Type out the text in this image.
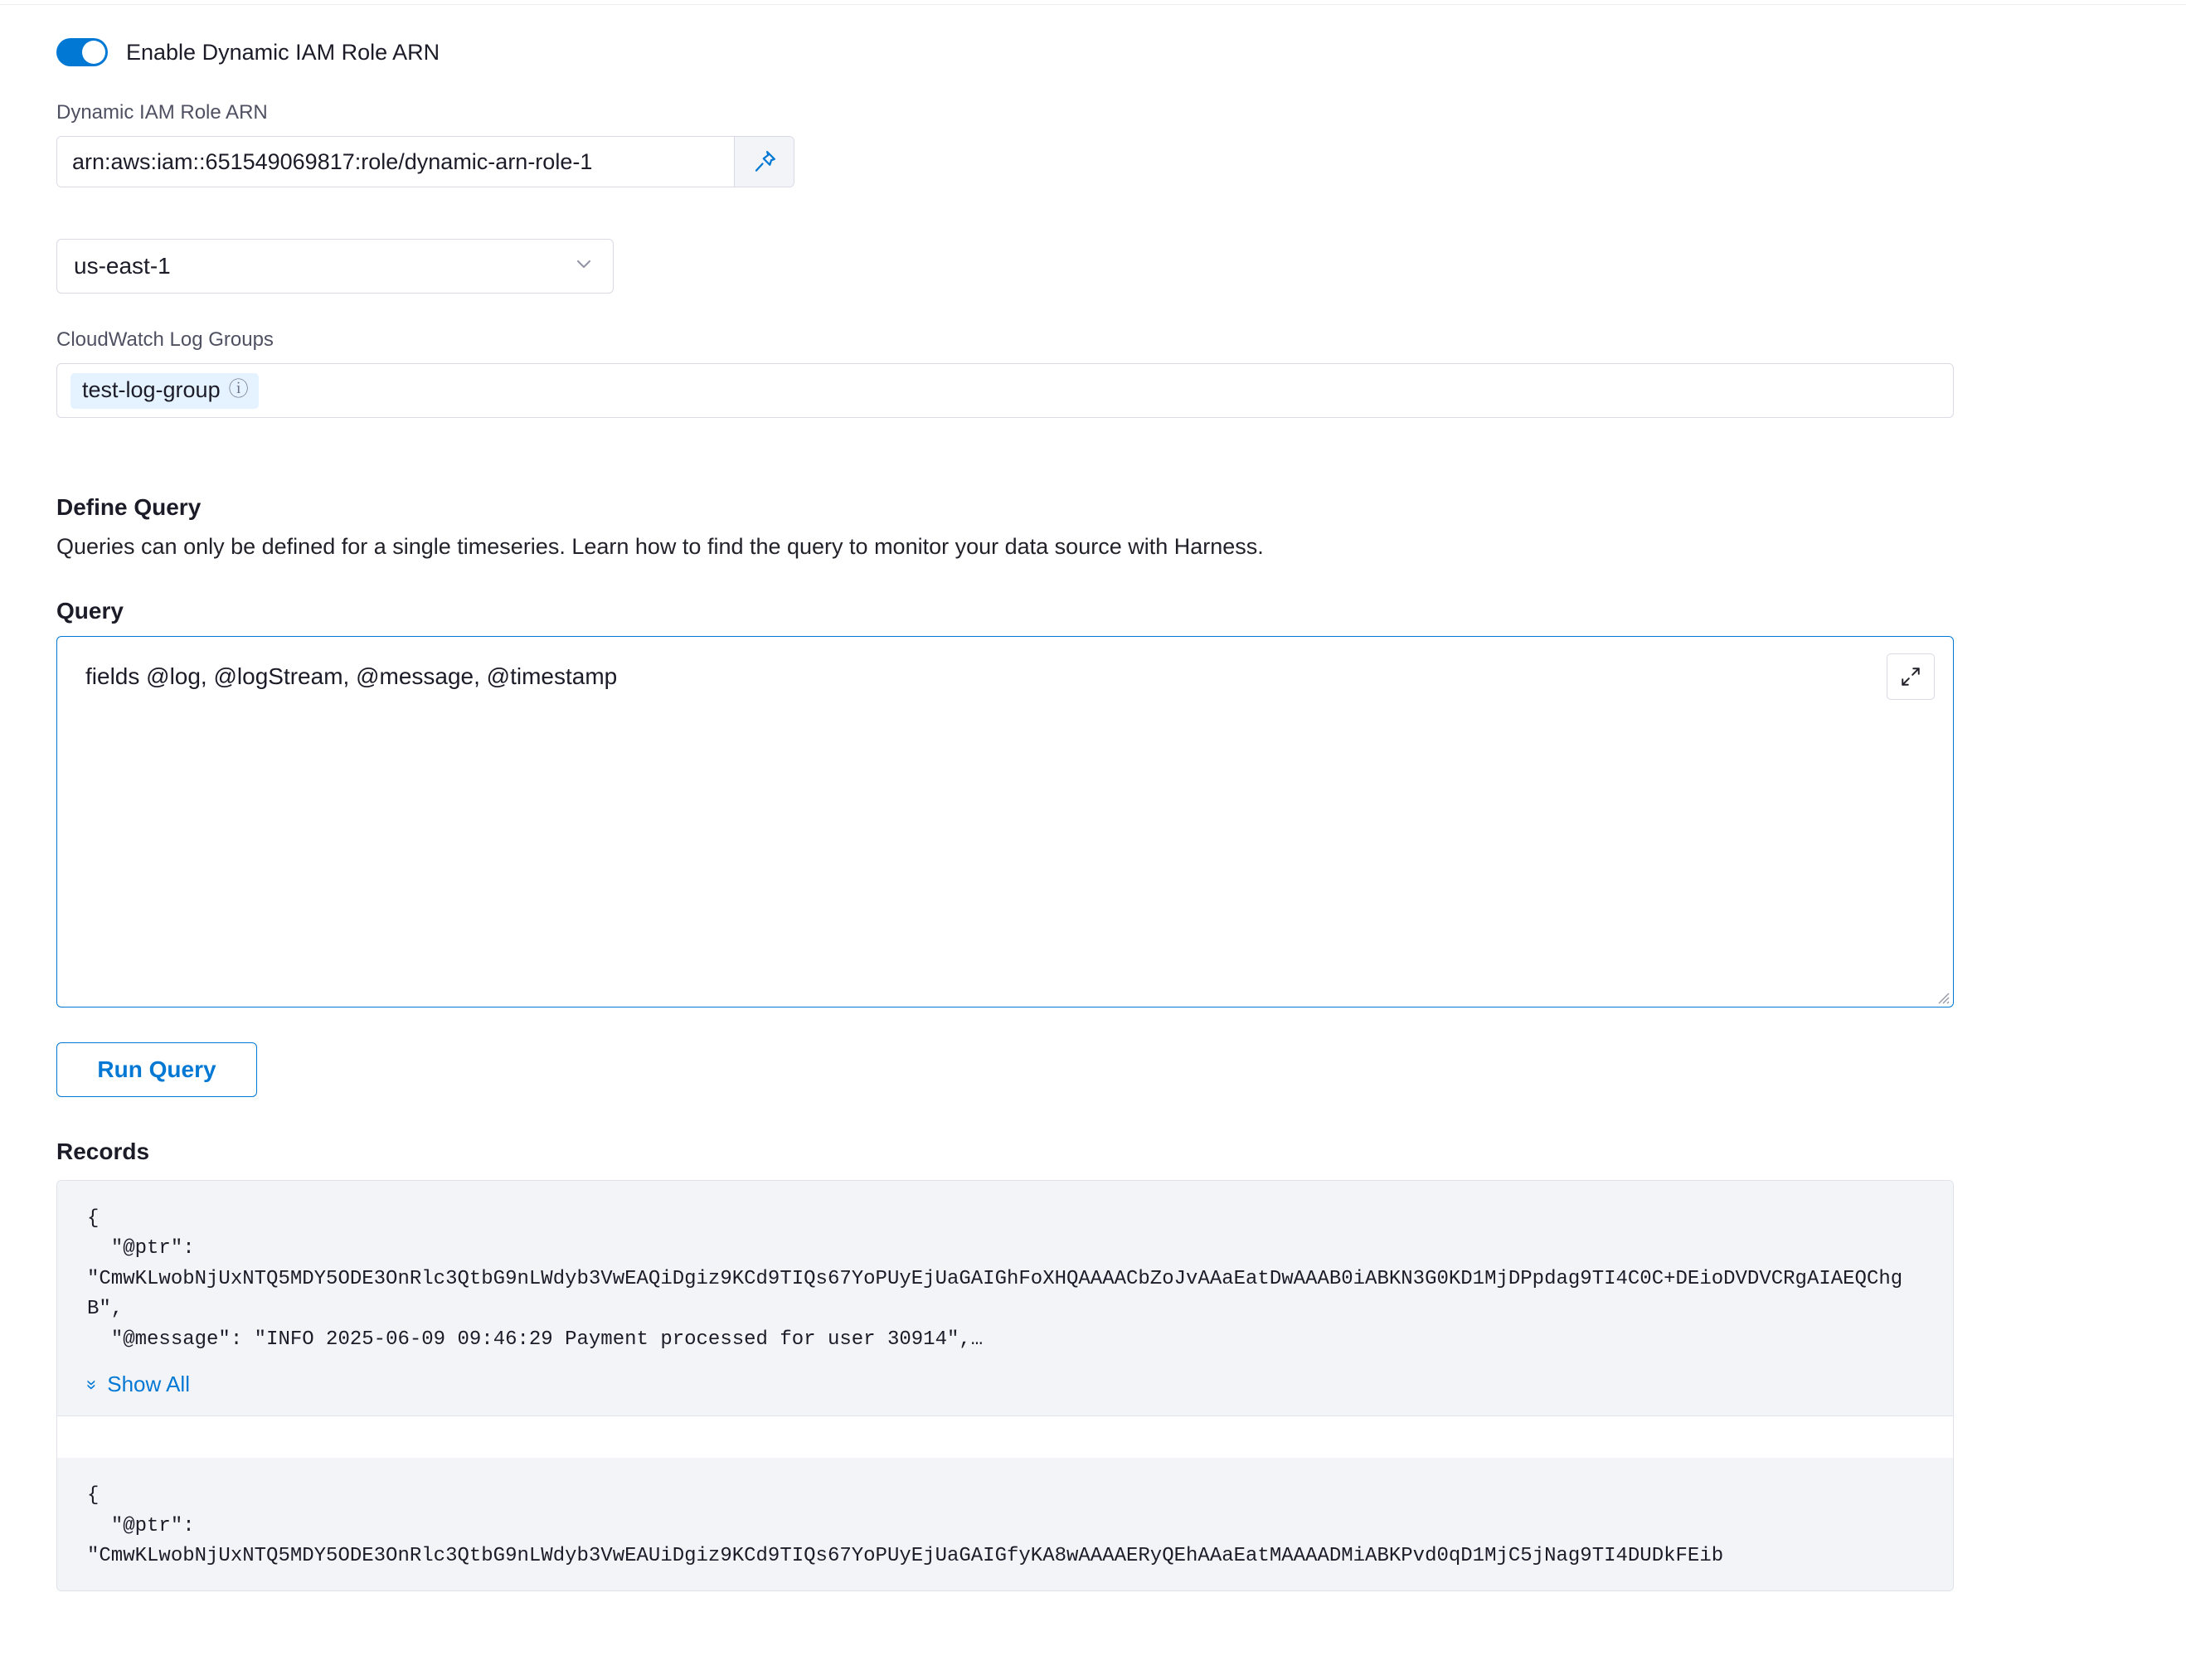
Enable Dynamic IAM Role ARN
Dynamic IAM Role ARN
arn:aws:iam::651549069817:role/dynamic-arn-role-1
us-east-1
CloudWatch Log Groups
test-log-group ⓘ
Define Query

Queries can only be defined for a single timeseries. Learn how to find the query to monitor your data source with Harness.

Query
fields @log, @logStream, @message, @timestamp
Run Query
Records
{
"@ptr":
"CmwKLwobNjUxNTQ5MDY5ODE3OnRlc3QtbG9nLWdyb3VwEAQiDgiz9KCd9TIQs67YoPUyEjUaGAIGhFoXHQAAAACbZoJvAAaEatDwAAAB0iABKN3G0KD1MjDPpdag9TI4C0C+DEioDVDVCRgAIAEQChgB",
"@message": "INFO 2025-06-09 09:46:29 Payment processed for user 30914",…
» Show All
{
"@ptr":
"CmwKLwobNjUxNTQ5MDY5ODE3OnRlc3QtbG9nLWdyb3VwEAUiDgiz9KCd9TIQs67YoPUyEjUaGAIGfyKA8wAAAAERyQEhAAaEatMAAAADMiABKPvd0qD1MjC5jNag9TI4DUDkFEib
